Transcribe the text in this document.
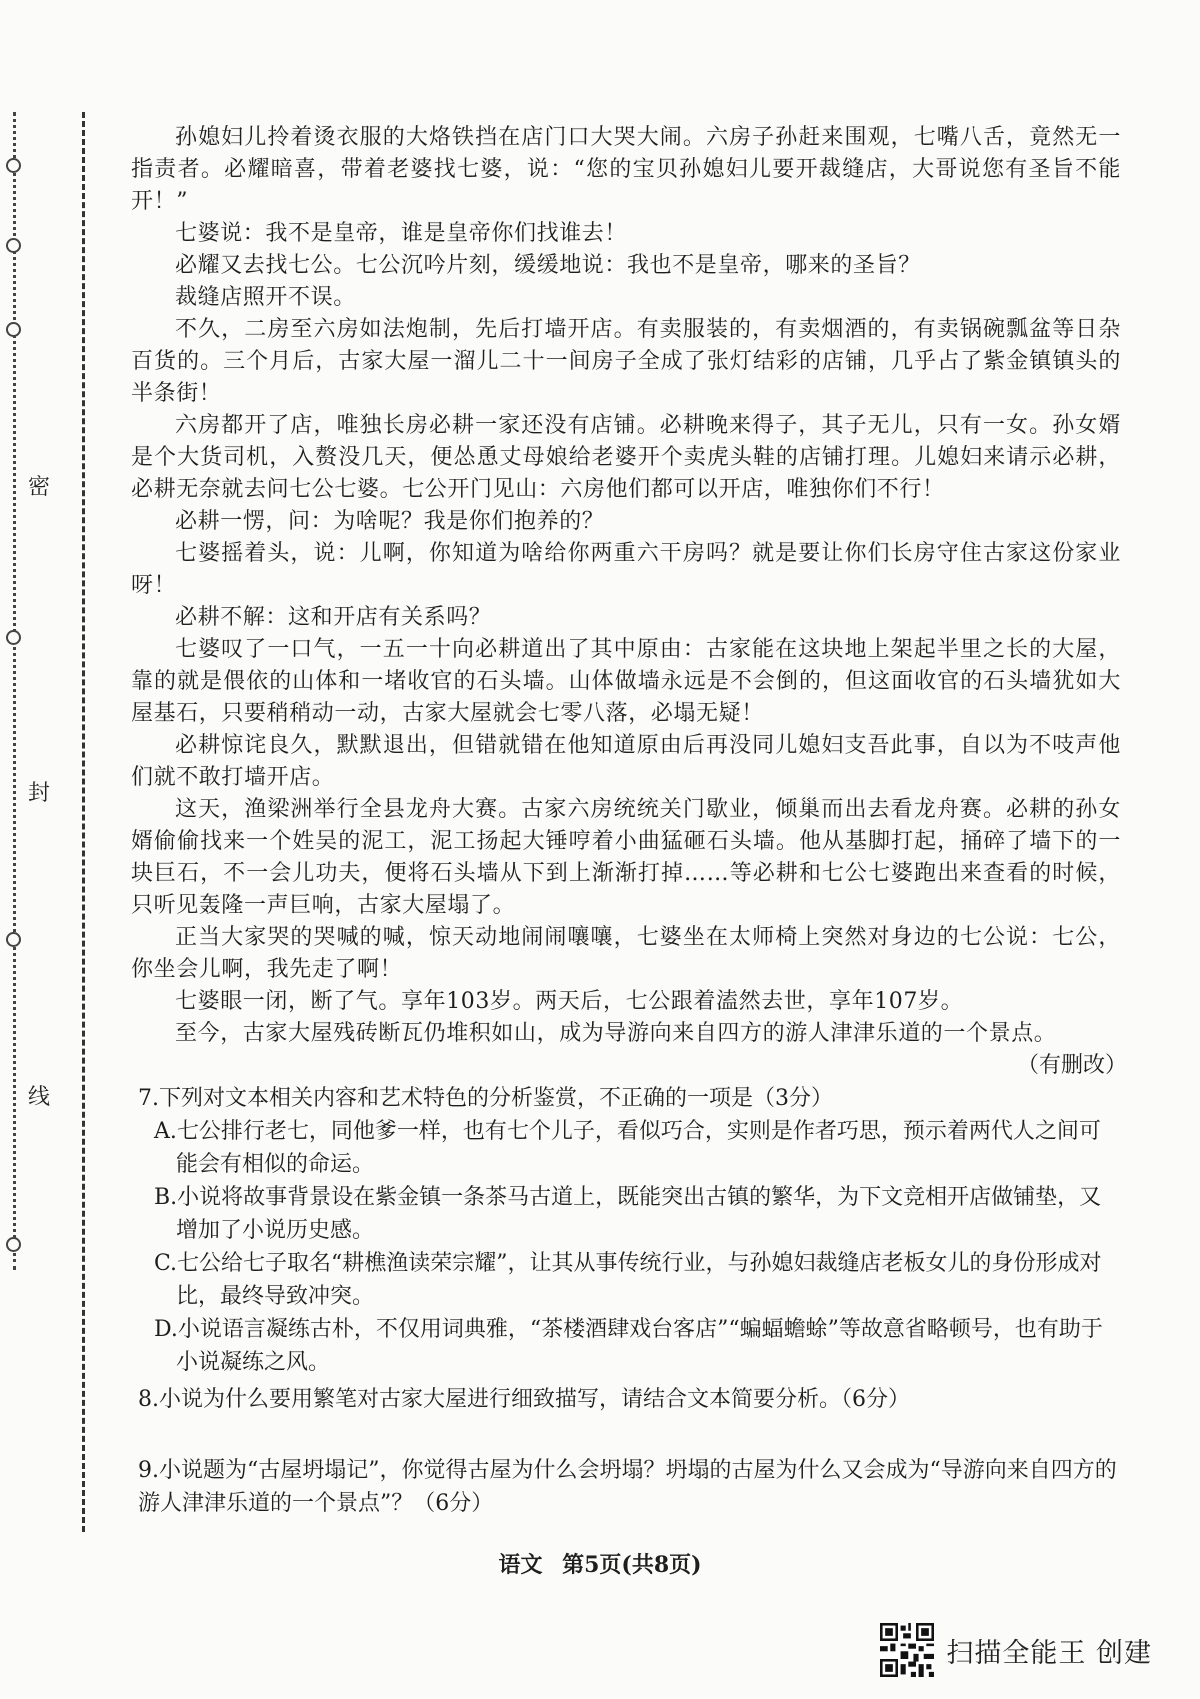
密
封
线

孙媳妇儿拎着烫衣服的大烙铁挡在店门口大哭大闹。六房子孙赶来围观，七嘴八舌，竟然无一指责者。必耀暗喜，带着老婆找七婆，说：“您的宝贝孙媳妇儿要开裁缝店，大哥说您有圣旨不能开！”

七婆说：我不是皇帝，谁是皇帝你们找谁去！

必耀又去找七公。七公沉吟片刻，缓缓地说：我也不是皇帝，哪来的圣旨？

裁缝店照开不误。

不久，二房至六房如法炮制，先后打墙开店。有卖服装的，有卖烟酒的，有卖锅碗瓢盆等日杂百货的。三个月后，古家大屋一溜儿二十一间房子全成了张灯结彩的店铺，几乎占了紫金镇镇头的半条街！

六房都开了店，唯独长房必耕一家还没有店铺。必耕晚来得子，其子无儿，只有一女。孙女婿是个大货司机，入赘没几天，便怂恿丈母娘给老婆开个卖虎头鞋的店铺打理。儿媳妇来请示必耕，必耕无奈就去问七公七婆。七公开门见山：六房他们都可以开店，唯独你们不行！

必耕一愣，问：为啥呢？我是你们抱养的？

七婆摇着头，说：儿啊，你知道为啥给你两重六干房吗？就是要让你们长房守住古家这份家业呀！

必耕不解：这和开店有关系吗？

七婆叹了一口气，一五一十向必耕道出了其中原由：古家能在这块地上架起半里之长的大屋，靠的就是偎依的山体和一堵收官的石头墙。山体做墙永远是不会倒的，但这面收官的石头墙犹如大屋基石，只要稍稍动一动，古家大屋就会七零八落，必塌无疑！

必耕惊诧良久，默默退出，但错就错在他知道原由后再没同儿媳妇支吾此事，自以为不吱声他们就不敢打墙开店。

这天，渔梁洲举行全县龙舟大赛。古家六房统统关门歇业，倾巢而出去看龙舟赛。必耕的孙女婿偷偷找来一个姓吴的泥工，泥工扬起大锤哼着小曲猛砸石头墙。他从基脚打起，捅碎了墙下的一块巨石，不一会儿功夫，便将石头墙从下到上渐渐打掉……等必耕和七公七婆跑出来查看的时候，只听见轰隆一声巨响，古家大屋塌了。

正当大家哭的哭喊的喊，惊天动地闹闹嚷嚷，七婆坐在太师椅上突然对身边的七公说：七公，你坐会儿啊，我先走了啊！

七婆眼一闭，断了气。享年103岁。两天后，七公跟着溘然去世，享年107岁。

至今，古家大屋残砖断瓦仍堆积如山，成为导游向来自四方的游人津津乐道的一个景点。

（有删改）

7.下列对文本相关内容和艺术特色的分析鉴赏，不正确的一项是（3分）

A.七公排行老七，同他爹一样，也有七个儿子，看似巧合，实则是作者巧思，预示着两代人之间可能会有相似的命运。

B.小说将故事背景设在紫金镇一条茶马古道上，既能突出古镇的繁华，为下文竞相开店做铺垫，又增加了小说历史感。

C.七公给七子取名“耕樵渔读荣宗耀”，让其从事传统行业，与孙媳妇裁缝店老板女儿的身份形成对比，最终导致冲突。

D.小说语言凝练古朴，不仅用词典雅，“茶楼酒肆戏台客店”“蝙蝠蟾蜍”等故意省略顿号，也有助于小说凝练之风。

8.小说为什么要用繁笔对古家大屋进行细致描写，请结合文本简要分析。（6分）

9.小说题为“古屋坍塌记”，你觉得古屋为什么会坍塌？坍塌的古屋为什么又会成为“导游向来自四方的游人津津乐道的一个景点”？（6分）

语文 第5页(共8页)
扫描全能王 创建
